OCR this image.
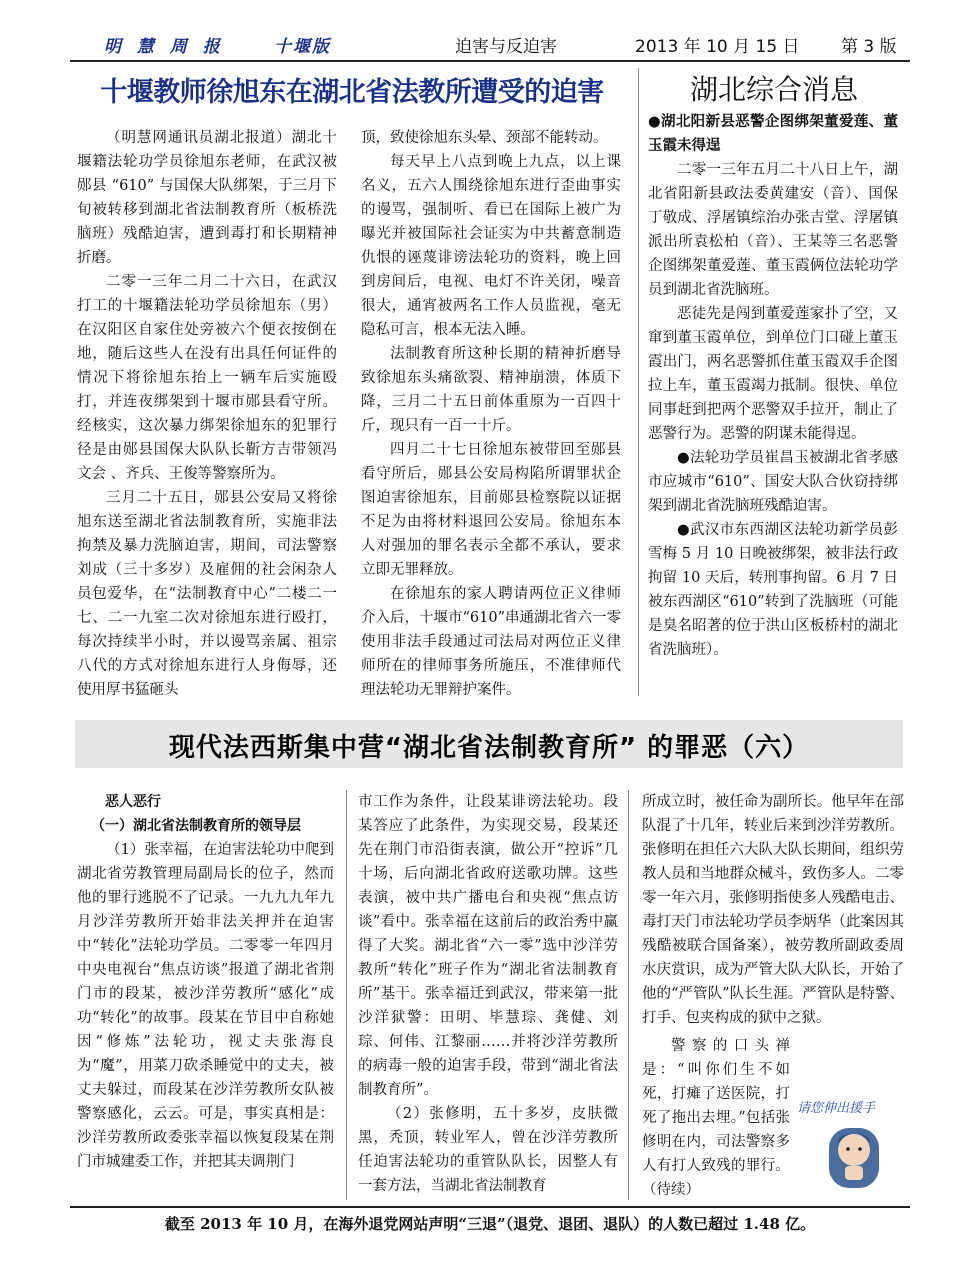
明 慧 周 报	十堰版	迫害与反迫害	2013 年 10 月 15 日 第 3 版
十堰教师徐旭东在湖北省法教所遭受的迫害

（明慧网通讯员湖北报道）湖北十堰籍法轮功学员徐旭东老师，在武汉被郧县 “610” 与国保大队绑架，于三月下旬被转移到湖北省法制教育所（板桥洗脑班）残酷迫害，遭到毒打和长期精神折磨。

二零一三年二月二十六日，在武汉打工的十堰籍法轮功学员徐旭东（男）在汉阳区自家住处旁被六个便衣按倒在地，随后这些人在没有出具任何证件的情况下将徐旭东抬上一辆车后实施殴打，并连夜绑架到十堰市郧县看守所。经核实，这次暴力绑架徐旭东的犯罪行径是由郧县国保大队队长靳方吉带领冯文会 、齐兵、王俊等警察所为。

三月二十五日，郧县公安局又将徐旭东送至湖北省法制教育所，实施非法拘禁及暴力洗脑迫害，期间，司法警察刘成（三十多岁）及雇佣的社会闲杂人员包爱华，在“法制教育中心”二楼二一七、二一九室二次对徐旭东进行殴打，每次持续半小时，并以谩骂亲属、祖宗八代的方式对徐旭东进行人身侮辱，还使用厚书猛砸头

顶，致使徐旭东头晕、颈部不能转动。

每天早上八点到晚上九点，以上课名义，五六人围绕徐旭东进行歪曲事实的谩骂，强制听、看已在国际上被广为曝光并被国际社会证实为中共蓄意制造仇恨的诬蔑诽谤法轮功的资料，晚上回到房间后，电视、电灯不许关闭，噪音很大，通宵被两名工作人员监视，毫无隐私可言，根本无法入睡。

法制教育所这种长期的精神折磨导致徐旭东头痛欲裂、精神崩溃，体质下降，三月二十五日前体重原为一百四十斤，现只有一百一十斤。

四月二十七日徐旭东被带回至郧县看守所后，郧县公安局构陷所谓罪状企图迫害徐旭东，目前郧县检察院以证据不足为由将材料退回公安局。徐旭东本人对强加的罪名表示全都不承认，要求立即无罪释放。

在徐旭东的家人聘请两位正义律师介入后，十堰市“610”串通湖北省六一零使用非法手段通过司法局对两位正义律师所在的律师事务所施压，不准律师代理法轮功无罪辩护案件。

湖北综合消息

●湖北阳新县恶警企图绑架董爱莲、董玉霞未得逞

二零一三年五月二十八日上午，湖北省阳新县政法委黄建安（音）、国保丁敬成、浮屠镇综治办张吉堂、浮屠镇派出所袁松柏（音）、王某等三名恶警企图绑架董爱莲、董玉霞俩位法轮功学员到湖北省洗脑班。

恶徒先是闯到董爱莲家扑了空，又窜到董玉霞单位，到单位门口碰上董玉霞出门，两名恶警抓住董玉霞双手企图拉上车，董玉霞竭力抵制。很快、单位同事赶到把两个恶警双手拉开，制止了恶警行为。恶警的阴谋未能得逞。

●法轮功学员崔昌玉被湖北省孝感市应城市“610”、国安大队合伙窃持绑架到湖北省洗脑班残酷迫害。

●武汉市东西湖区法轮功新学员彭雪梅 5 月 10 日晚被绑架，被非法行政拘留 10 天后，转刑事拘留。6 月 7 日被东西湖区“610”转到了洗脑班（可能是臭名昭著的位于洪山区板桥村的湖北省洗脑班）。

现代法西斯集中营“湖北省法制教育所” 的罪恶（六）

恶人恶行

（一）湖北省法制教育所的领导层

（1）张幸福，在迫害法轮功中爬到湖北省劳教管理局副局长的位子，然而他的罪行逃脱不了记录。一九九九年九月沙洋劳教所开始非法关押并在迫害中“转化”法轮功学员。二零零一年四月中央电视台“焦点访谈”报道了湖北省荆门市的段某，被沙洋劳教所“感化”成功“转化”的故事。段某在节目中自称她因“修炼”法轮功，视丈夫张海良为“魔”，用菜刀砍杀睡觉中的丈夫，被丈夫躲过，而段某在沙洋劳教所女队被警察感化，云云。可是，事实真相是：沙洋劳教所政委张幸福以恢复段某在荆门市城建委工作，并把其夫调荆门

市工作为条件，让段某诽谤法轮功。段某答应了此条件，为实现交易，段某还先在荆门市沿街表演，做公开“控诉”几十场，后向湖北省政府送歌功牌。这些表演，被中共广播电台和央视“焦点访谈”看中。张幸福在这前后的政治秀中赢得了大奖。湖北省“六一零”选中沙洋劳教所“转化”班子作为“湖北省法制教育所”基干。张幸福迁到武汉，带来第一批沙洋狱警：田明、毕慧琮、龚健、刘琮、何伟、江黎丽……并将沙洋劳教所的病毒一般的迫害手段，带到“湖北省法制教育所”。

（2）张修明，五十多岁，皮肤微黑，秃顶，转业军人，曾在沙洋劳教所任迫害法轮功的重管队队长，因整人有一套方法，当湖北省法制教育

所成立时，被任命为副所长。他早年在部队混了十几年，转业后来到沙洋劳教所。张修明在担任六大队大队长期间，组织劳教人员和当地群众械斗，致伤多人。二零零一年六月，张修明指使多人残酷电击、毒打天门市法轮功学员李炳华（此案因其残酷被联合国备案），被劳教所副政委周水庆赏识，成为严管大队大队长，开始了他的“严管队”队长生涯。严管队是特警、打手、包夹构成的狱中之狱。

警察的口头禅是：“叫你们生不如死，打瘫了送医院，打死了拖出去埋。”包括张修明在内，司法警察多人有打人致残的罪行。（待续）

请您伸出援手
截至 2013 年 10 月，在海外退党网站声明“三退”（退党、退团、退队）的人数已超过 1.48 亿。
